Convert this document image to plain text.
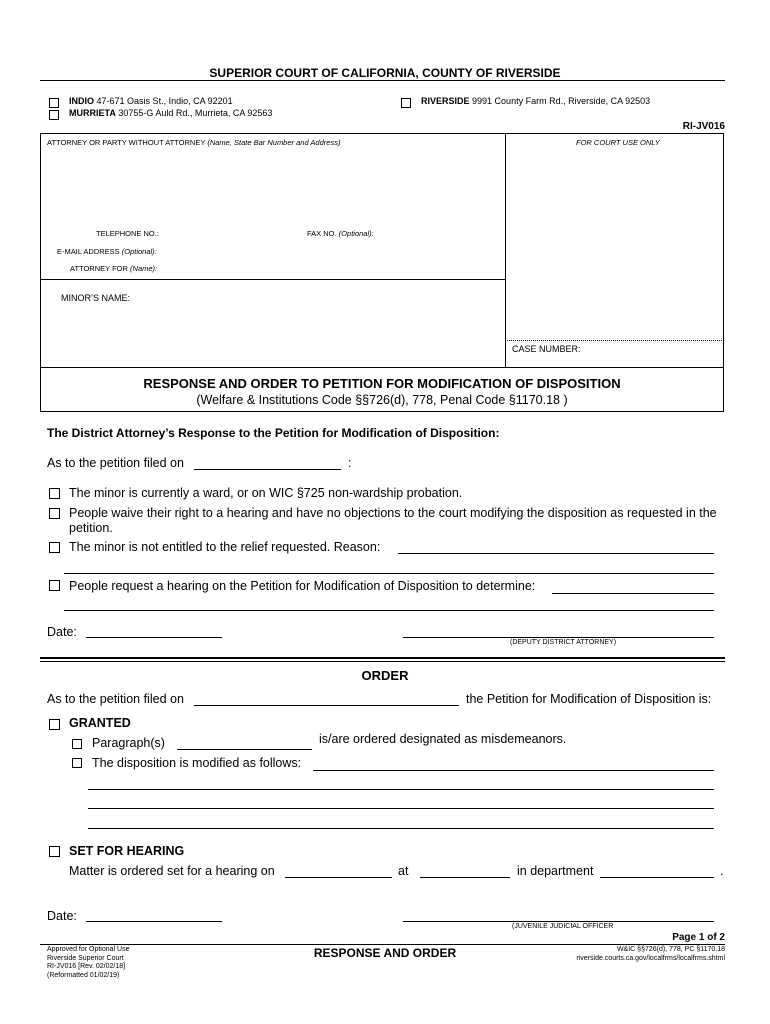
SUPERIOR COURT OF CALIFORNIA, COUNTY OF RIVERSIDE
INDIO 47-671 Oasis St., Indio, CA 92201
MURRIETA 30755-G Auld Rd., Murrieta, CA 92563
RIVERSIDE 9991 County Farm Rd., Riverside, CA 92503
RI-JV016
ATTORNEY OR PARTY WITHOUT ATTORNEY (Name, State Bar Number and Address)
TELEPHONE NO.:	FAX NO. (Optional):
E-MAIL ADDRESS (Optional):
ATTORNEY FOR (Name):
MINOR’S NAME:
FOR COURT USE ONLY
CASE NUMBER:
RESPONSE AND ORDER TO PETITION FOR MODIFICATION OF DISPOSITION
(Welfare & Institutions Code §§726(d), 778, Penal Code §1170.18 )
The District Attorney’s Response to the Petition for Modification of Disposition:
As to the petition filed on	:
The minor is currently a ward, or on WIC §725 non-wardship probation.
People waive their right to a hearing and have no objections to the court modifying the disposition as requested in the
petition.
The minor is not entitled to the relief requested. Reason:
People request a hearing on the Petition for Modification of Disposition to determine:
Date:
(DEPUTY DISTRICT ATTORNEY)
ORDER
As to the petition filed on	the Petition for Modification of Disposition is:
GRANTED
Paragraph(s)	is/are ordered designated as misdemeanors.
The disposition is modified as follows:
SET FOR HEARING
Matter is ordered set for a hearing on	at	in department	.
Date:
(JUVENILE JUDICIAL OFFICER
Page 1 of 2
Approved for Optional Use
Riverside Superior Court
RI-JV016 [Rev. 02/02/18]
(Reformatted 01/02/19)
RESPONSE AND ORDER	W&IC §§726(d), 778, PC §1170.18
riverside.courts.ca.gov/localfrms/localfrms.shtml
